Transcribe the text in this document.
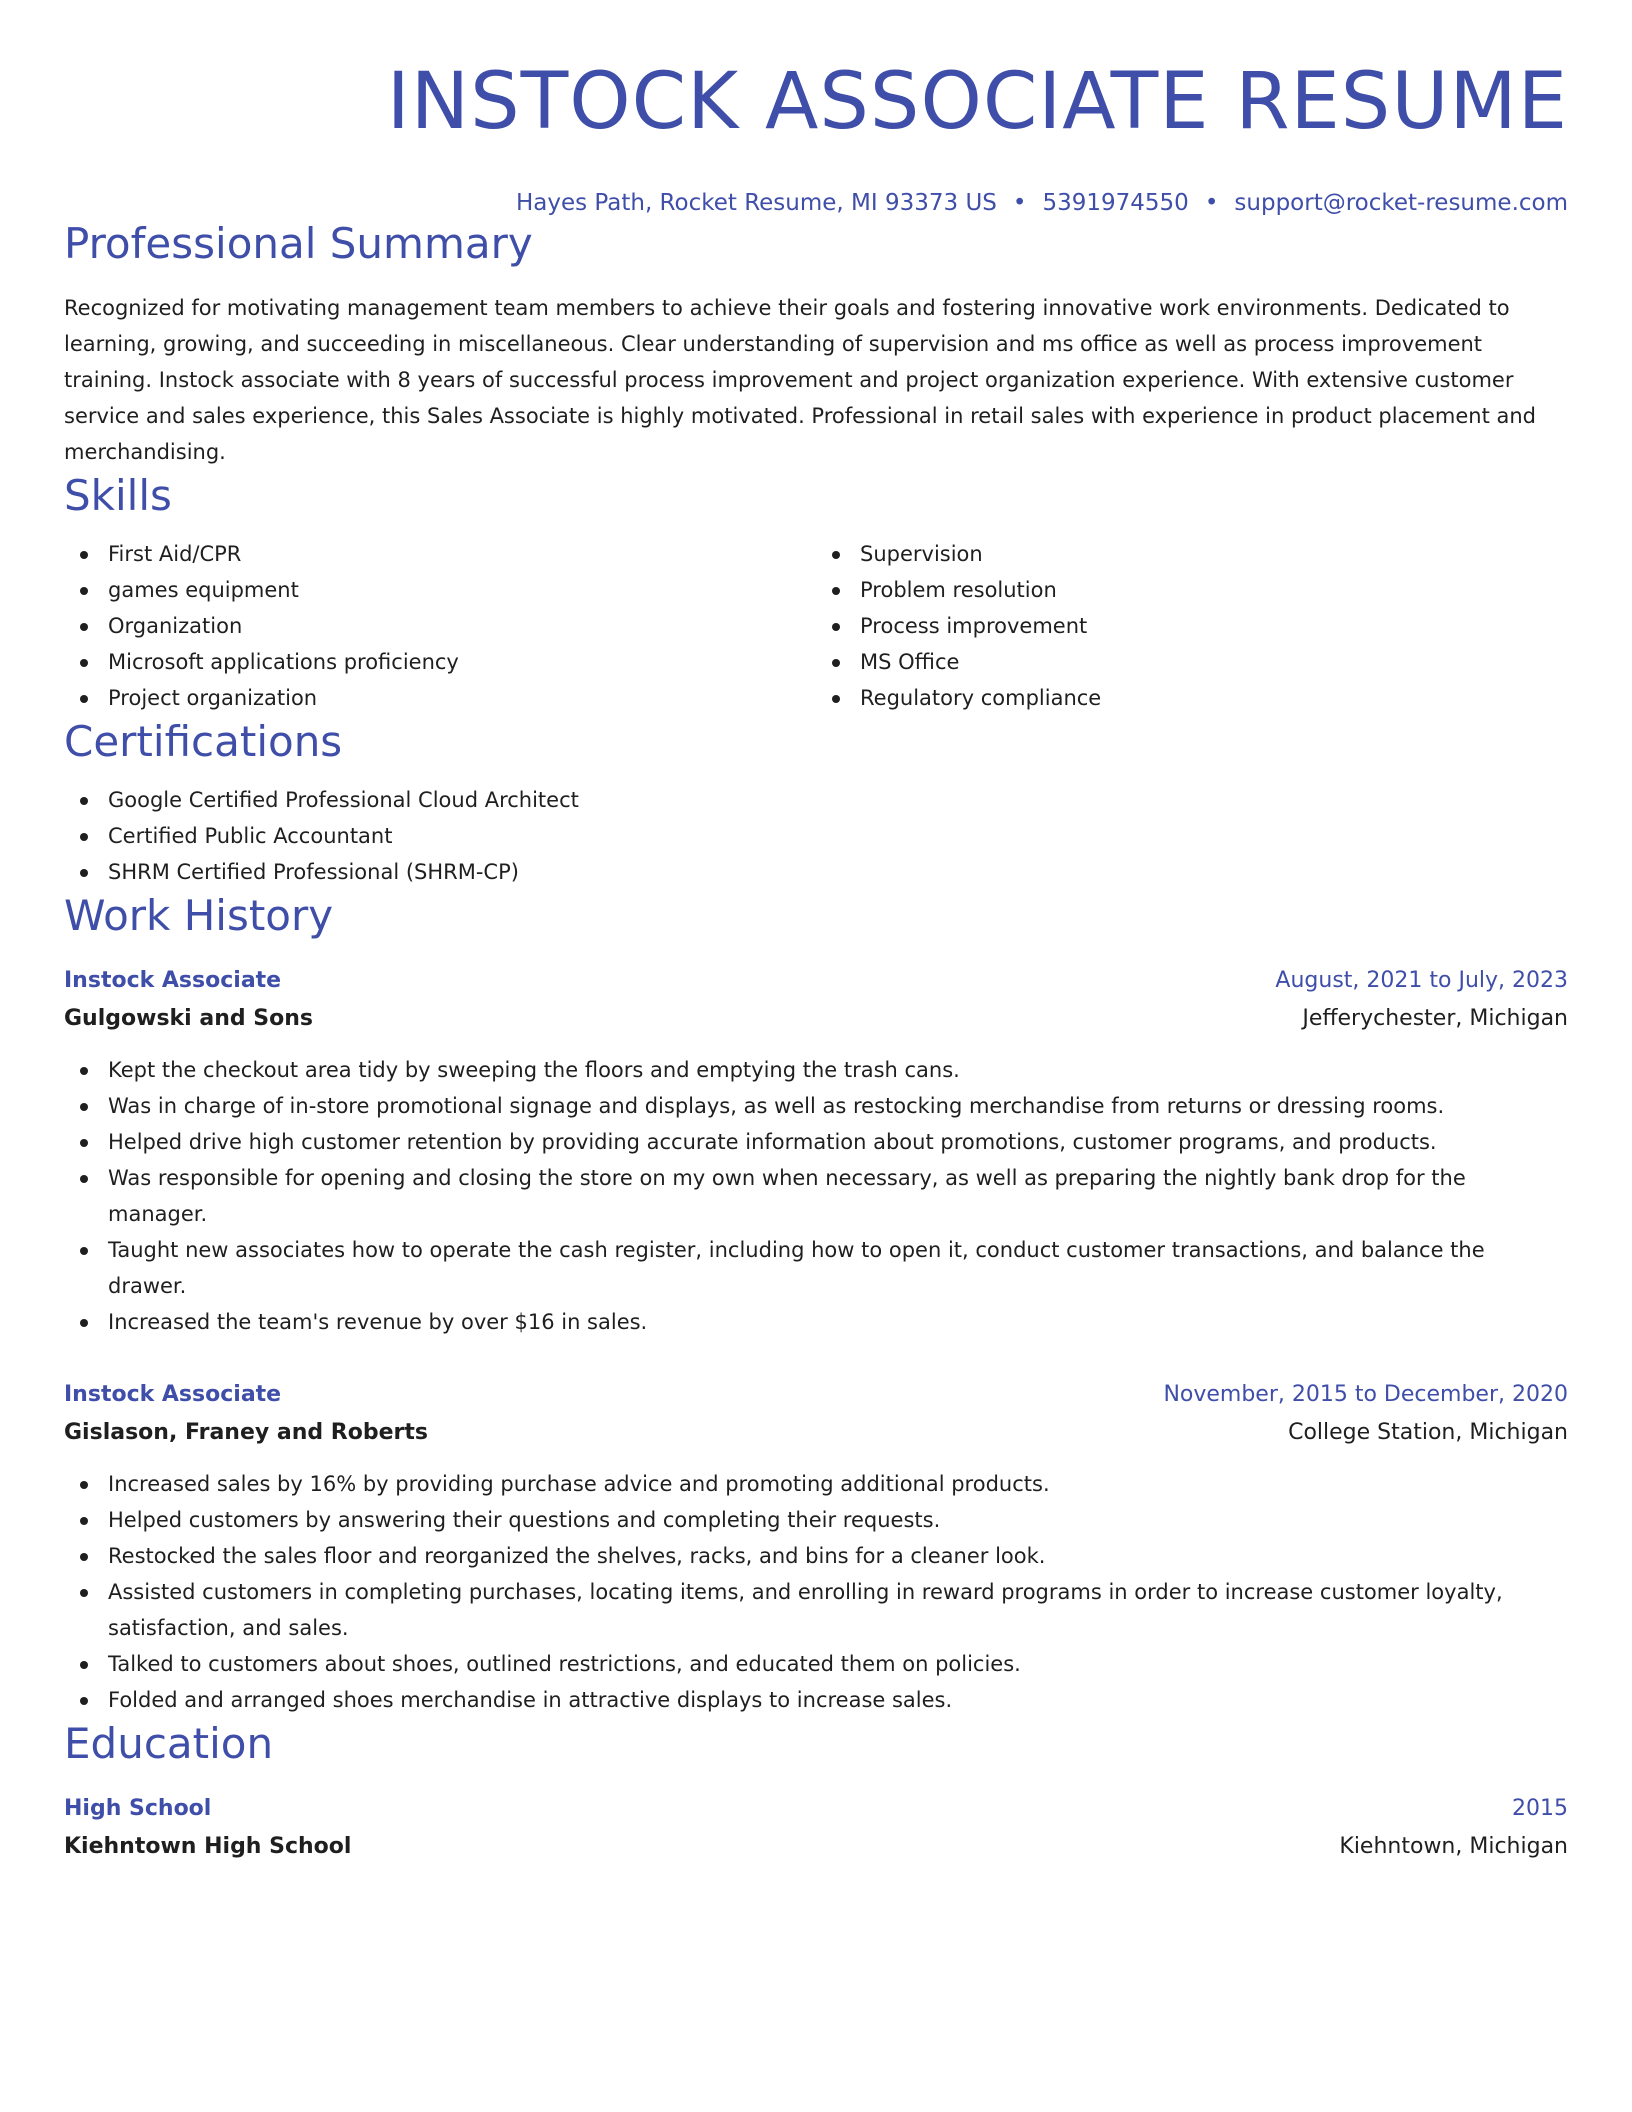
INSTOCK ASSOCIATE RESUME
Hayes Path, Rocket Resume, MI 93373 US • 5391974550 • support@rocket-resume.com
Professional Summary

Recognized for motivating management team members to achieve their goals and fostering innovative work environments. Dedicated to learning, growing, and succeeding in miscellaneous. Clear understanding of supervision and ms office as well as process improvement training. Instock associate with 8 years of successful process improvement and project organization experience. With extensive customer service and sales experience, this Sales Associate is highly motivated. Professional in retail sales with experience in product placement and merchandising.

Skills
First Aid/CPR
games equipment
Organization
Microsoft applications proficiency
Project organization
Supervision
Problem resolution
Process improvement
MS Office
Regulatory compliance
Certifications
Google Certified Professional Cloud Architect
Certified Public Accountant
SHRM Certified Professional (SHRM-CP)
Work History
Instock Associate	August, 2021 to July, 2023
Gulgowski and Sons	Jefferychester, Michigan
Kept the checkout area tidy by sweeping the floors and emptying the trash cans.
Was in charge of in-store promotional signage and displays, as well as restocking merchandise from returns or dressing rooms.
Helped drive high customer retention by providing accurate information about promotions, customer programs, and products.
Was responsible for opening and closing the store on my own when necessary, as well as preparing the nightly bank drop for the manager.
Taught new associates how to operate the cash register, including how to open it, conduct customer transactions, and balance the drawer.
Increased the team's revenue by over $16 in sales.
Instock Associate	November, 2015 to December, 2020
Gislason, Franey and Roberts	College Station, Michigan
Increased sales by 16% by providing purchase advice and promoting additional products.
Helped customers by answering their questions and completing their requests.
Restocked the sales floor and reorganized the shelves, racks, and bins for a cleaner look.
Assisted customers in completing purchases, locating items, and enrolling in reward programs in order to increase customer loyalty, satisfaction, and sales.
Talked to customers about shoes, outlined restrictions, and educated them on policies.
Folded and arranged shoes merchandise in attractive displays to increase sales.
Education
High School	2015
Kiehntown High School	Kiehntown, Michigan
